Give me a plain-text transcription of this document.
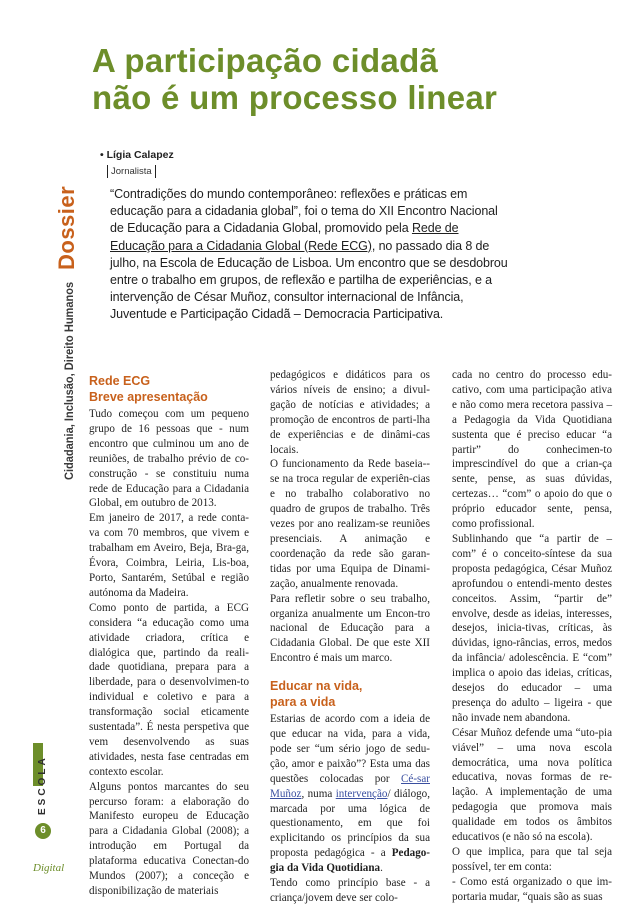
Dossier
Cidadania, Inclusão, Direito Humanos
ESCOLA
6
Digital
A participação cidadã
não é um processo linear
• Lígia Calapez
Jornalista
“Contradições do mundo contemporâneo: reflexões e práticas em educação para a cidadania global”, foi o tema do XII Encontro Nacional de Educação para a Cidadania Global, promovido pela Rede de Educação para a Cidadania Global (Rede ECG), no passado dia 8 de julho, na Escola de Educação de Lisboa. Um encontro que se desdobrou entre o trabalho em grupos, de reflexão e partilha de experiências, e a intervenção de César Muñoz, consultor internacional de Infância, Juventude e Participação Cidadã – Democracia Participativa.
Rede ECG
Breve apresentação

Tudo começou com um pequeno grupo de 16 pessoas que - num encontro que culminou um ano de reuniões, de trabalho prévio de co-construção - se constituiu numa rede de Educação para a Cidadania Global, em outubro de 2013.

Em janeiro de 2017, a rede conta-va com 70 membros, que vivem e trabalham em Aveiro, Beja, Bra-ga, Évora, Coimbra, Leiria, Lis-boa, Porto, Santarém, Setúbal e região autónoma da Madeira.

Como ponto de partida, a ECG considera “a educação como uma atividade criadora, crítica e dialógica que, partindo da reali-dade quotidiana, prepara para a liberdade, para o desenvolvimen-to individual e coletivo e para a transformação social eticamente sustentada”. É nesta perspetiva que vem desenvolvendo as suas atividades, nesta fase centradas em contexto escolar.

Alguns pontos marcantes do seu percurso foram: a elaboração do Manifesto europeu de Educação para a Cidadania Global (2008); a introdução em Portugal da plataforma educativa Conectan-do Mundos (2007); a conceção e disponibilização de materiais

pedagógicos e didáticos para os vários níveis de ensino; a divul-gação de notícias e atividades; a promoção de encontros de parti-lha de experiências e de dinâmi-cas locais.

O funcionamento da Rede baseia--se na troca regular de experiên-cias e no trabalho colaborativo no quadro de grupos de trabalho. Três vezes por ano realizam-se reuniões presenciais. A animação e coordenação da rede são garan-tidas por uma Equipa de Dinami-zação, anualmente renovada.

Para refletir sobre o seu trabalho, organiza anualmente um Encon-tro nacional de Educação para a Cidadania Global. De que este XII Encontro é mais um marco.

Educar na vida,
para a vida

Estarias de acordo com a ideia de que educar na vida, para a vida, pode ser “um sério jogo de sedu-ção, amor e paixão”? Esta uma das questões colocadas por Cé-sar Muñoz, numa intervenção/ diálogo, marcada por uma lógica de questionamento, em que foi explicitando os princípios da sua proposta pedagógica - a Pedago-gia da Vida Quotidiana.

Tendo como princípio base - a criança/jovem deve ser colo-

cada no centro do processo edu-cativo, com uma participação ativa e não como mera recetora passiva – a Pedagogia da Vida Quotidiana sustenta que é preciso educar “a partir” do conhecimen-to imprescindível do que a crian-ça sente, pense, as suas dúvidas, certezas… “com” o apoio do que o próprio educador sente, pensa, como profissional.

Sublinhando que “a partir de – com” é o conceito-síntese da sua proposta pedagógica, César Muñoz aprofundou o entendi-mento destes conceitos. Assim, “partir de” envolve, desde as ideias, interesses, desejos, inicia-tivas, críticas, às dúvidas, igno-râncias, erros, medos da infância/ adolescência. E “com” implica o apoio das ideias, críticas, desejos do educador – uma presença do adulto – ligeira - que não invade nem abandona.

César Muñoz defende uma “uto-pia viável” – uma nova escola democrática, uma nova política educativa, novas formas de re-lação. A implementação de uma pedagogia que promova mais qualidade em todos os âmbitos educativos (e não só na escola).

O que implica, para que tal seja possível, ter em conta:

- Como está organizado o que im-portaria mudar, “quais são as suas
